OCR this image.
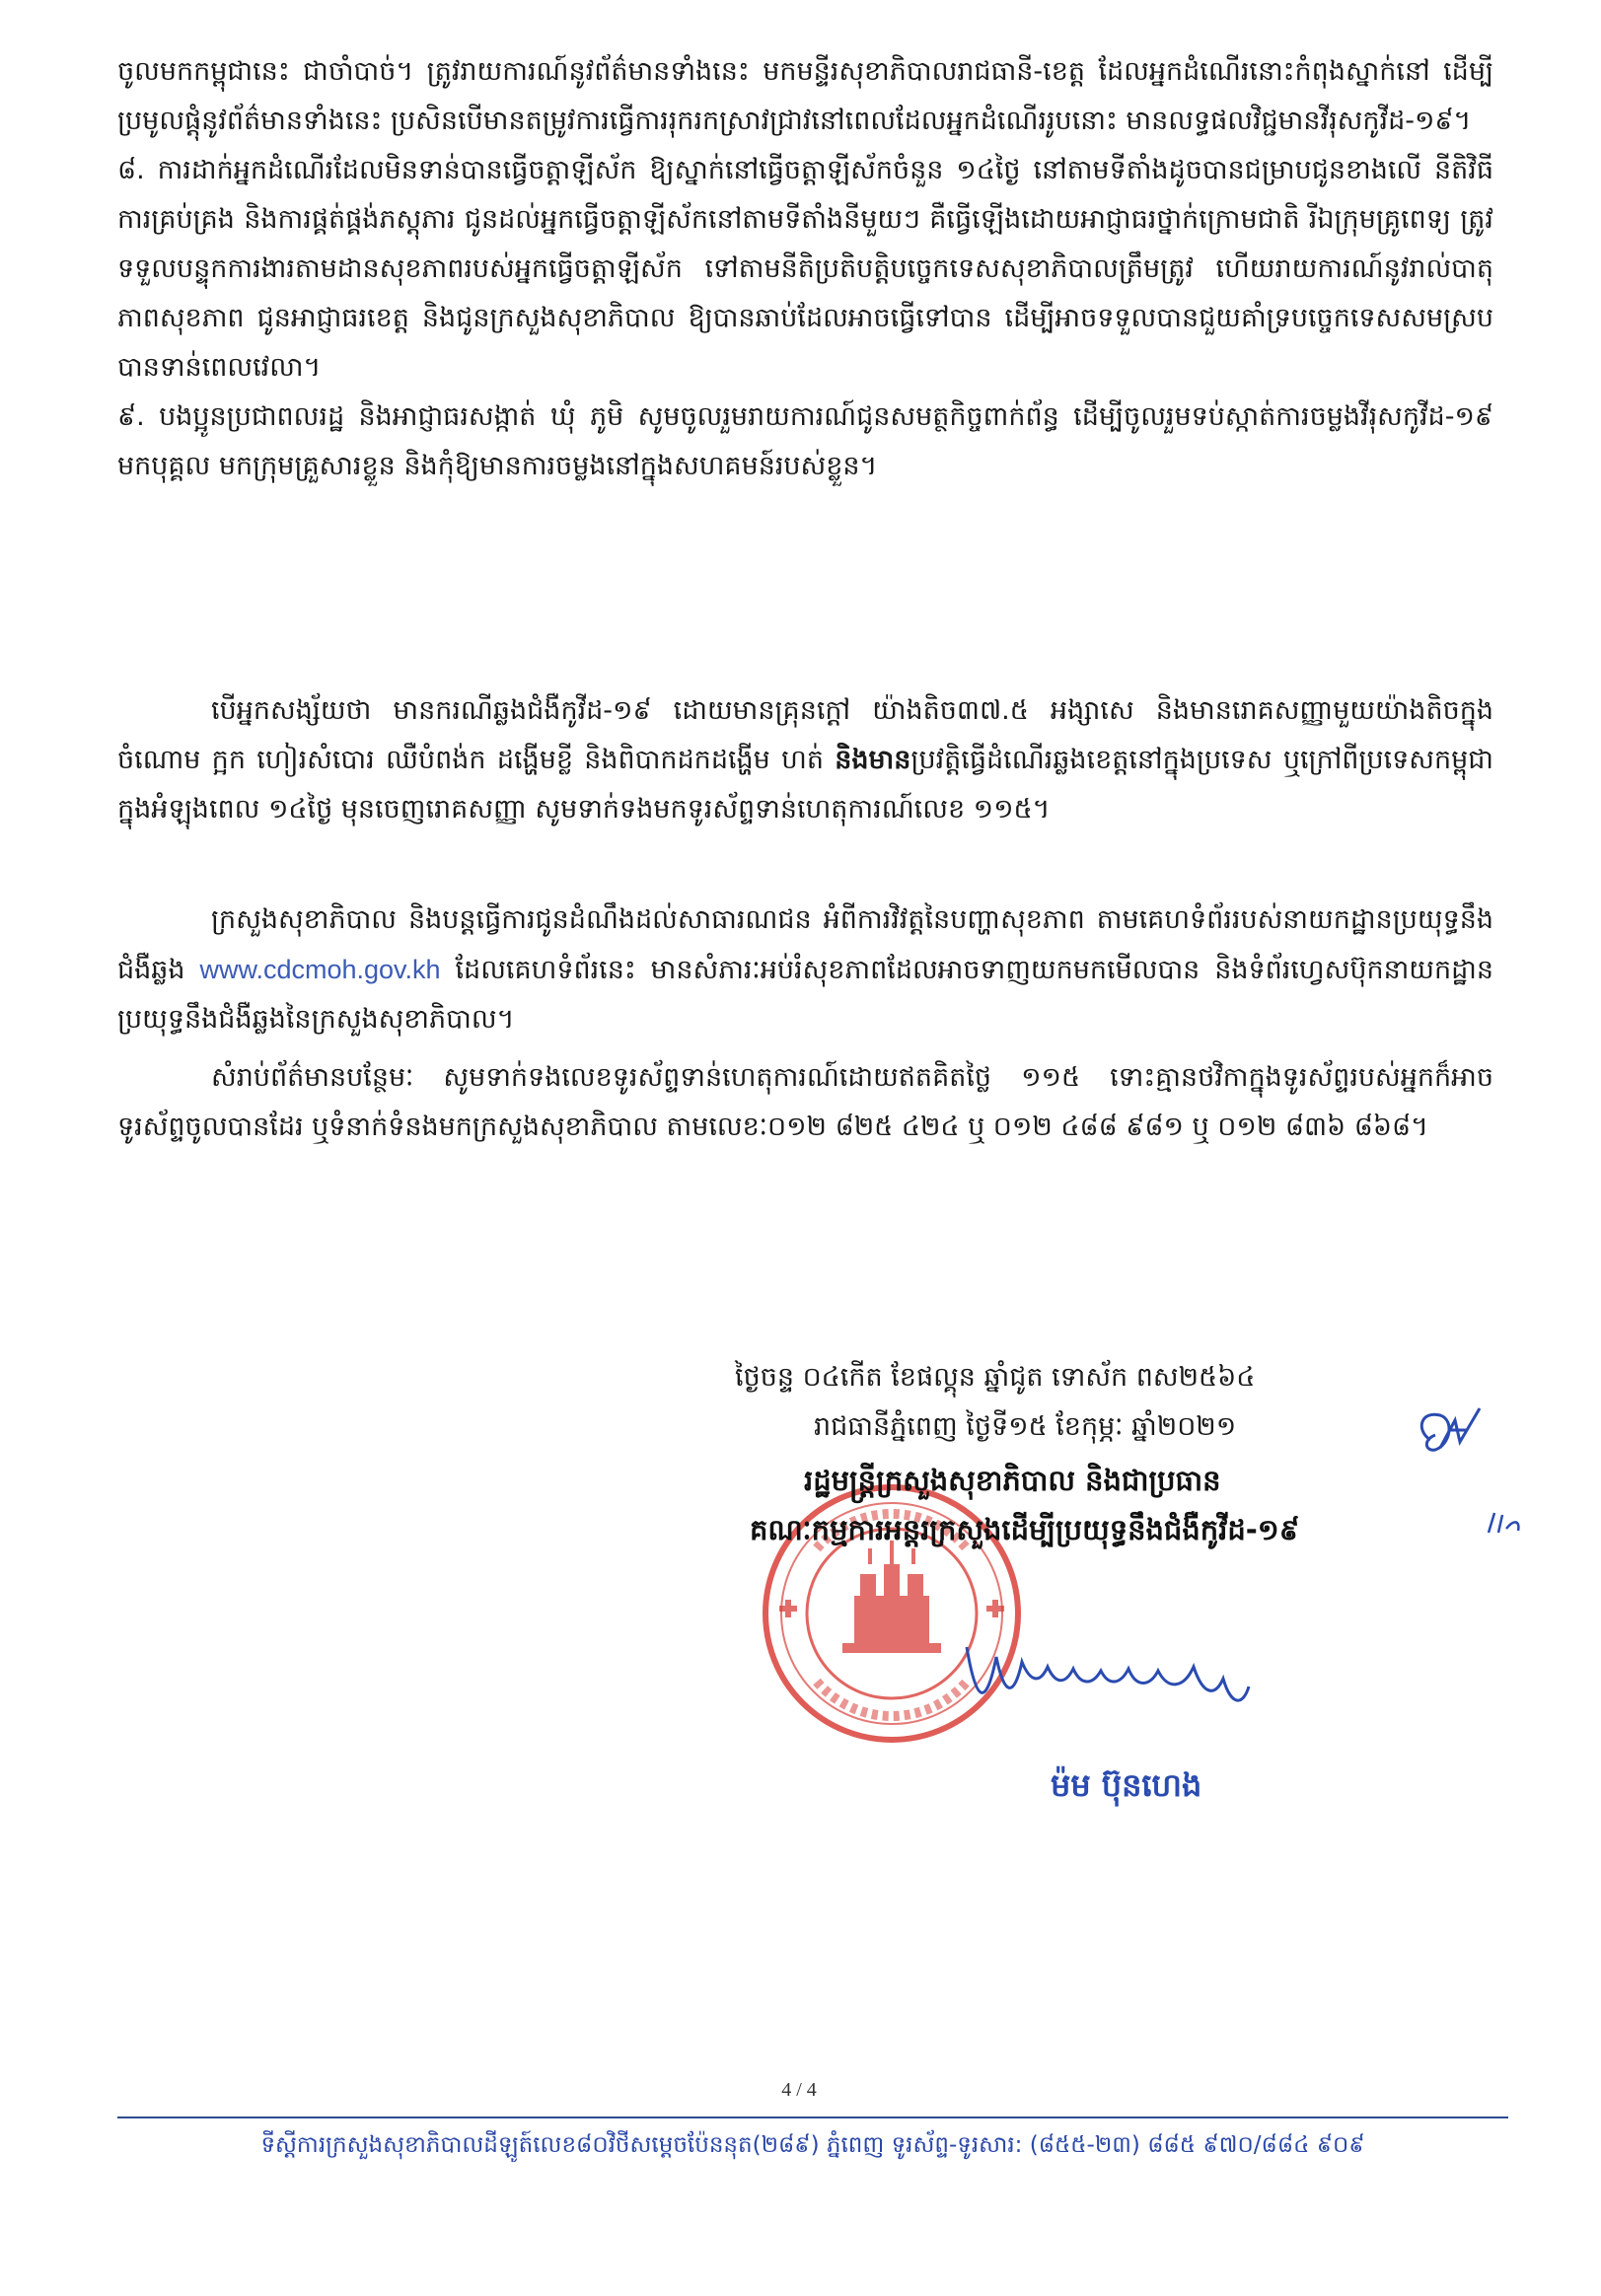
ចូលមកកម្ពុជានេះ ជាចាំបាច់។ ត្រូវរាយការណ៍នូវព័ត៌មានទាំងនេះ មកមន្ទីរសុខាភិបាលរាជធានី-ខេត្ត ដែលអ្នកដំណើរនោះកំពុងស្នាក់នៅ ដើម្បីប្រមូលផ្តុំនូវព័ត៌មានទាំងនេះ ប្រសិនបើមានតម្រូវការធ្វើការរុករកស្រាវជ្រាវនៅពេលដែលអ្នកដំណើររូបនោះ មានលទ្ធផលវិជ្ជមានវីរុសកូវីដ-១៩។

៨. ការដាក់អ្នកដំណើរដែលមិនទាន់បានធ្វើចត្តាឡីស័ក ឱ្យស្នាក់នៅធ្វើចត្តាឡីស័កចំនួន ១៤ថ្ងៃ នៅតាមទីតាំងដូចបានជម្រាបជូនខាងលើ នីតិវិធី ការគ្រប់គ្រង និងការផ្គត់ផ្គង់ភស្តុភារ ជូនដល់អ្នកធ្វើចត្តាឡីស័កនៅតាមទីតាំងនីមួយៗ គឺធ្វើឡើងដោយអាជ្ញាធរថ្នាក់ក្រោមជាតិ រីឯក្រុមគ្រូពេទ្យ ត្រូវទទួលបន្ទុកការងារតាមដានសុខភាពរបស់អ្នកធ្វើចត្តាឡីស័ក ទៅតាមនីតិប្រតិបត្តិបច្ចេកទេសសុខាភិបាលត្រឹមត្រូវ ហើយរាយការណ៍នូវរាល់បាតុភាពសុខភាព ជូនអាជ្ញាធរខេត្ត និងជូនក្រសួងសុខាភិបាល ឱ្យបានឆាប់ដែលអាចធ្វើទៅបាន ដើម្បីអាចទទួលបានជួយគាំទ្របច្ចេកទេសសមស្របបានទាន់ពេលវេលា។

៩. បងប្អូនប្រជាពលរដ្ឋ និងអាជ្ញាធរសង្កាត់ ឃុំ ភូមិ សូមចូលរួមរាយការណ៍ជូនសមត្ថកិច្ចពាក់ព័ន្ធ ដើម្បីចូលរួមទប់ស្កាត់ការចម្លងវីរុសកូវីដ-១៩ មកបុគ្គល មកក្រុមគ្រួសារខ្លួន និងកុំឱ្យមានការចម្លងនៅក្នុងសហគមន៍របស់ខ្លួន។

បើអ្នកសង្ស័យថា មានករណីឆ្លងជំងឺកូវីដ-១៩ ដោយមានគ្រុនក្តៅ យ៉ាងតិច៣៧.៥ អង្សាសេ និងមានរោគសញ្ញាមួយយ៉ាងតិចក្នុងចំណោម ក្អក ហៀរសំបោរ ឈឺបំពង់ក ដង្ហើមខ្លី និងពិបាកដកដង្ហើម ហត់ និងមានប្រវត្តិធ្វើដំណើរឆ្លងខេត្តនៅក្នុងប្រទេស ឬក្រៅពីប្រទេសកម្ពុជាក្នុងអំឡុងពេល ១៤ថ្ងៃ មុនចេញរោគសញ្ញា សូមទាក់ទងមកទូរស័ព្ទទាន់ហេតុការណ៍លេខ ១១៥។

ក្រសួងសុខាភិបាល និងបន្តធ្វើការជូនដំណឹងដល់សាធារណជន អំពីការវិវត្តនៃបញ្ហាសុខភាព តាមគេហទំព័ររបស់នាយកដ្ឋានប្រយុទ្ធនឹងជំងឺឆ្លង www.cdcmoh.gov.kh ដែលគេហទំព័រនេះ មានសំភារៈអប់រំសុខភាពដែលអាចទាញយកមកមើលបាន និងទំព័រហ្វេសប៊ុកនាយកដ្ឋានប្រយុទ្ធនឹងជំងឺឆ្លងនៃក្រសួងសុខាភិបាល។

សំរាប់ព័ត៌មានបន្ថែមៈ សូមទាក់ទងលេខទូរស័ព្ទទាន់ហេតុការណ៍ដោយឥតគិតថ្លៃ ១១៥ ទោះគ្មានថវិកាក្នុងទូរស័ព្ទរបស់អ្នកក៏អាចទូរស័ព្ទចូលបានដែរ ឬទំនាក់ទំនងមកក្រសួងសុខាភិបាល តាមលេខៈ០១២ ៨២៥ ៤២៤ ឬ ០១២ ៤៨៨ ៩៨១ ឬ ០១២ ៨៣៦ ៨៦៨។

ថ្ងៃចន្ទ ០៤កើត ខែផល្គុន ឆ្នាំជូត ទោស័ក ពស២៥៦៤
រាជធានីភ្នំពេញ ថ្ងៃទី១៥ ខែកុម្ភៈ ឆ្នាំ២០២១
រដ្ឋមន្ត្រីក្រសួងសុខាភិបាល និងជាប្រធាន
គណៈកម្មការអន្តរក្រសួងដើម្បីប្រយុទ្ធនឹងជំងឺកូវីដ-១៩
ម៉ម ប៊ុនហេង
4 / 4
ទីស្តីការក្រសួងសុខាភិបាលដីឡូត៍លេខ៨០វិថីសម្តេចប៉ែននុត(២៨៩) ភ្នំពេញ ទូរស័ព្ទ-ទូរសារ: (៨៥៥-២៣) ៨៨៥ ៩៧០/៨៨៤ ៩០៩
